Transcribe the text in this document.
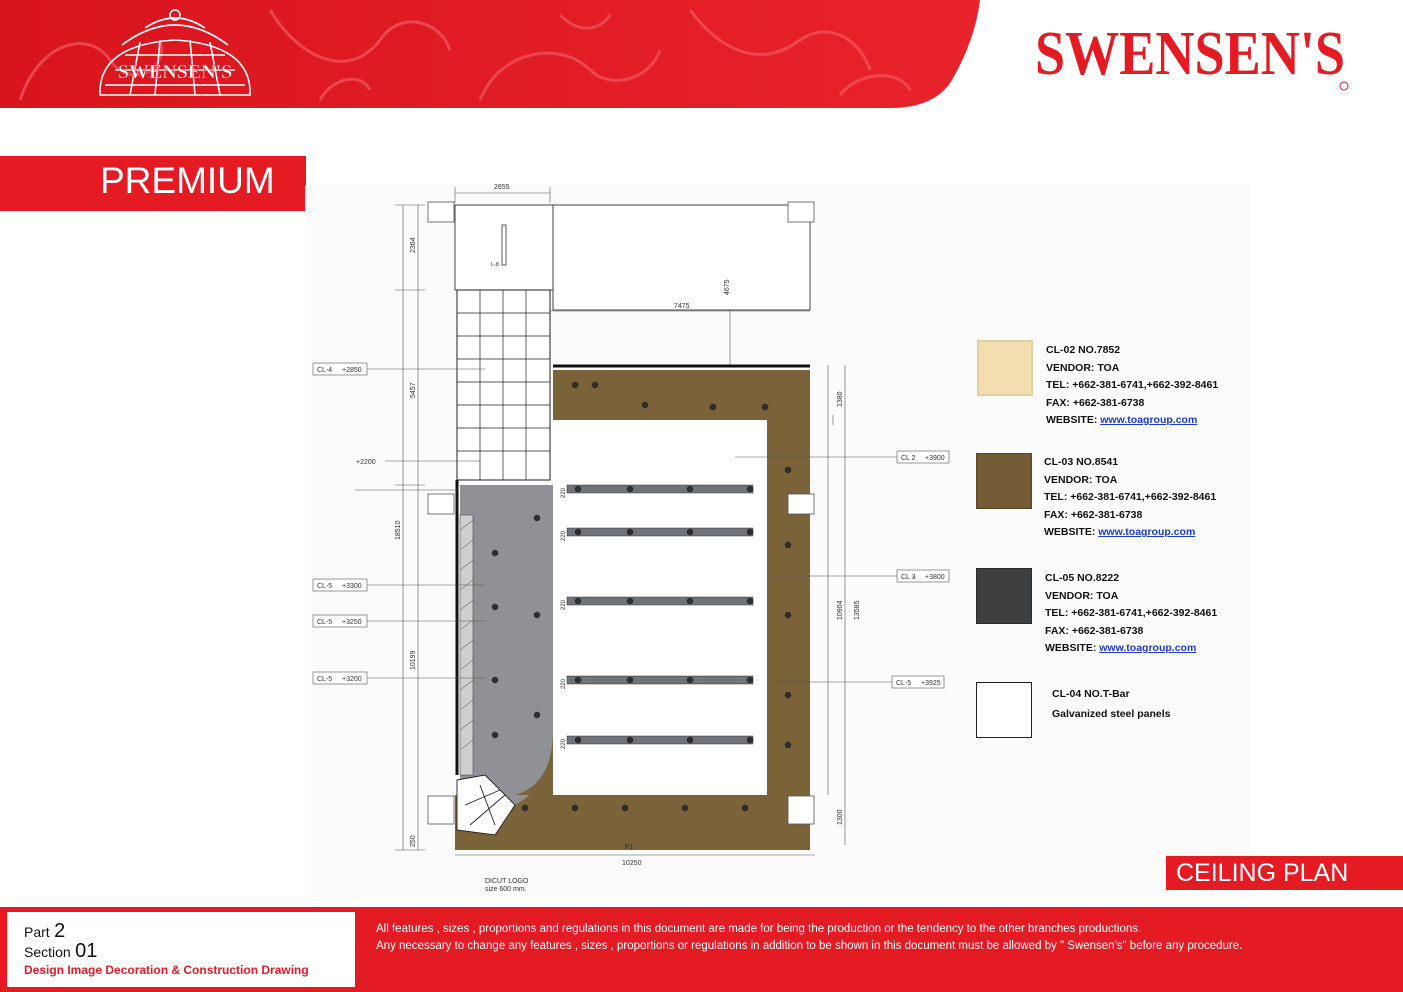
SWENSEN'S	SWENSEN'S
PREMIUM
CL-4 +2850
CL 2 +3900
CL 3 +3800
CL-5 +3300
CL-5 +3250
CL-5 +3200
CL-5 +3925
+2200
2655
7475
10250
P1
L-8
DICUT LOGO
size 600 mm.
2364
4675
5457
18510
10199
1380
10904 13585
1300
250
220
220
220
220
220
CL-02 NO.7852
VENDOR: TOA
TEL: +662-381-6741,+662-392-8461
FAX: +662-381-6738
WEBSITE: www.toagroup.com
CL-03 NO.8541
VENDOR: TOA
TEL: +662-381-6741,+662-392-8461
FAX: +662-381-6738
WEBSITE: www.toagroup.com
CL-05 NO.8222
VENDOR: TOA
TEL: +662-381-6741,+662-392-8461
FAX: +662-381-6738
WEBSITE: www.toagroup.com
CL-04 NO.T-Bar
Galvanized steel panels
CEILING PLAN
Part 2
Section 01
Design Image Decoration & Construction Drawing
All features , sizes , proportions and regulations in this document are made for being the production or the tendency to the other branches productions.
Any necessary to change any features , sizes , proportions or regulations in addition to be shown in this document must be allowed by " Swensen's" before any procedure.
